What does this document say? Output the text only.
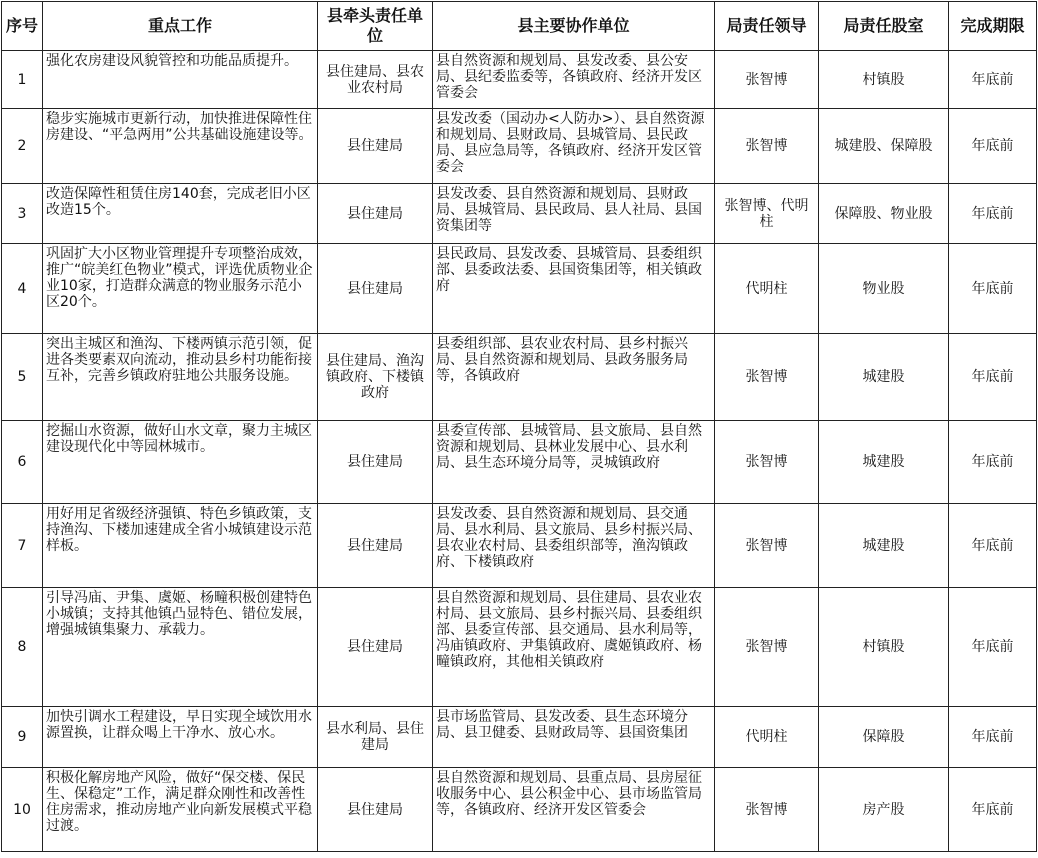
序号	重点工作	县牵头责任单位	县主要协作单位	局责任领导	局责任股室	完成期限
1	强化农房建设风貌管控和功能品质提升。	县住建局、县农业农村局	县自然资源和规划局、县发改委、县公安局、县纪委监委等，各镇政府、经济开发区管委会	张智博	村镇股	年底前
2	稳步实施城市更新行动，加快推进保障性住房建设、“平急两用”公共基础设施建设等。	县住建局	县发改委（国动办<人防办>）、县自然资源和规划局、县财政局、县城管局、县民政局、县应急局等，各镇政府、经济开发区管委会	张智博	城建股、保障股	年底前
3	改造保障性租赁住房140套，完成老旧小区改造15个。	县住建局	县发改委、县自然资源和规划局、县财政局、县城管局、县民政局、县人社局、县国资集团等	张智博、代明柱	保障股、物业股	年底前
4	巩固扩大小区物业管理提升专项整治成效，推广“皖美红色物业”模式，评选优质物业企业10家，打造群众满意的物业服务示范小区20个。	县住建局	县民政局、县发改委、县城管局、县委组织部、县委政法委、县国资集团等，相关镇政府	代明柱	物业股	年底前
5	突出主城区和渔沟、下楼两镇示范引领，促进各类要素双向流动，推动县乡村功能衔接互补，完善乡镇政府驻地公共服务设施。	县住建局、渔沟镇政府、下楼镇政府	县委组织部、县农业农村局、县乡村振兴局、县自然资源和规划局、县政务服务局等，各镇政府	张智博	城建股	年底前
6	挖掘山水资源，做好山水文章，聚力主城区建设现代化中等园林城市。	县住建局	县委宣传部、县城管局、县文旅局、县自然资源和规划局、县林业发展中心、县水利局、县生态环境分局等，灵城镇政府	张智博	城建股	年底前
7	用好用足省级经济强镇、特色乡镇政策，支持渔沟、下楼加速建成全省小城镇建设示范样板。	县住建局	县发改委、县自然资源和规划局、县交通局、县水利局、县文旅局、县乡村振兴局、县农业农村局、县委组织部等，渔沟镇政府、下楼镇政府	张智博	城建股	年底前
8	引导冯庙、尹集、虞姬、杨疃积极创建特色小城镇；支持其他镇凸显特色、错位发展，增强城镇集聚力、承载力。	县住建局	县自然资源和规划局、县住建局、县农业农村局、县文旅局、县乡村振兴局、县委组织部、县委宣传部、县交通局、县水利局等，冯庙镇政府、尹集镇政府、虞姬镇政府、杨疃镇政府，其他相关镇政府	张智博	村镇股	年底前
9	加快引调水工程建设，早日实现全域饮用水源置换，让群众喝上干净水、放心水。	县水利局、县住建局	县市场监管局、县发改委、县生态环境分局、县卫健委、县财政局等、县国资集团	代明柱	保障股	年底前
10	积极化解房地产风险，做好“保交楼、保民生、保稳定”工作，满足群众刚性和改善性住房需求，推动房地产业向新发展模式平稳过渡。	县住建局	县自然资源和规划局、县重点局、县房屋征收服务中心、县公积金中心、县市场监管局等，各镇政府、经济开发区管委会	张智博	房产股	年底前
